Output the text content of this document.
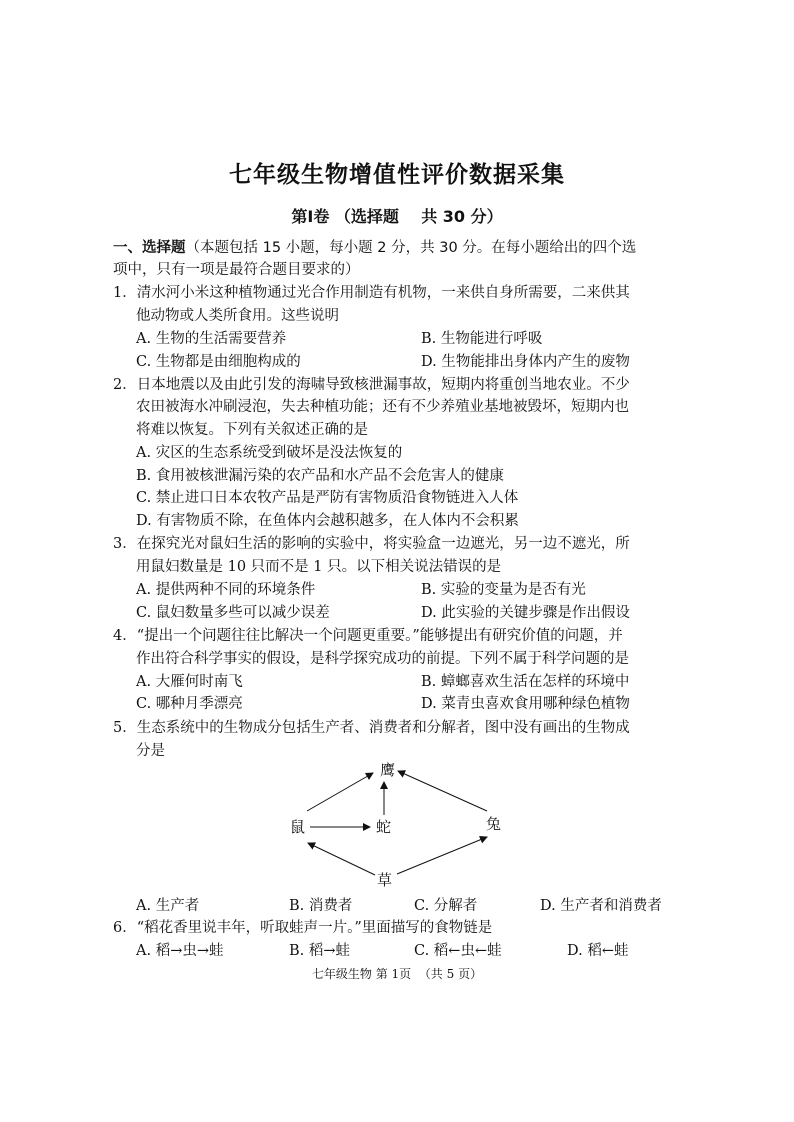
七年级生物增值性评价数据采集
第Ⅰ卷 （选择题    共 30 分）
一、选择题（本题包括 15 小题，每小题 2 分，共 30 分。在每小题给出的四个选
项中，只有一项是最符合题目要求的）
1．清水河小米这种植物通过光合作用制造有机物，一来供自身所需要，二来供其
他动物或人类所食用。这些说明
A. 生物的生活需要营养	B. 生物能进行呼吸
C. 生物都是由细胞构成的	D. 生物能排出身体内产生的废物
2．日本地震以及由此引发的海啸导致核泄漏事故，短期内将重创当地农业。不少
农田被海水冲刷浸泡，失去种植功能；还有不少养殖业基地被毁坏，短期内也
将难以恢复。下列有关叙述正确的是
A. 灾区的生态系统受到破坏是没法恢复的
B. 食用被核泄漏污染的农产品和水产品不会危害人的健康
C. 禁止进口日本农牧产品是严防有害物质沿食物链进入人体
D. 有害物质不除，在鱼体内会越积越多，在人体内不会积累
3．在探究光对鼠妇生活的影响的实验中，将实验盒一边遮光，另一边不遮光，所
用鼠妇数量是 10 只而不是 1 只。以下相关说法错误的是
A. 提供两种不同的环境条件	B. 实验的变量为是否有光
C. 鼠妇数量多些可以减少误差	D. 此实验的关键步骤是作出假设
4．“提出一个问题往往比解决一个问题更重要。”能够提出有研究价值的问题，并
作出符合科学事实的假设，是科学探究成功的前提。下列不属于科学问题的是
A. 大雁何时南飞	B. 蟑螂喜欢生活在怎样的环境中
C. 哪种月季漂亮	D. 菜青虫喜欢食用哪种绿色植物
5．生态系统中的生物成分包括生产者、消费者和分解者，图中没有画出的生物成
分是
鹰
鼠	蛇	兔
草
A. 生产者	B. 消费者	C. 分解者	D. 生产者和消费者
6．“稻花香里说丰年，听取蛙声一片。”里面描写的食物链是
A. 稻→虫→蛙	B. 稻→蛙	C. 稻←虫←蛙	D. 稻←蛙
七年级生物 第 1页  （共 5 页）
